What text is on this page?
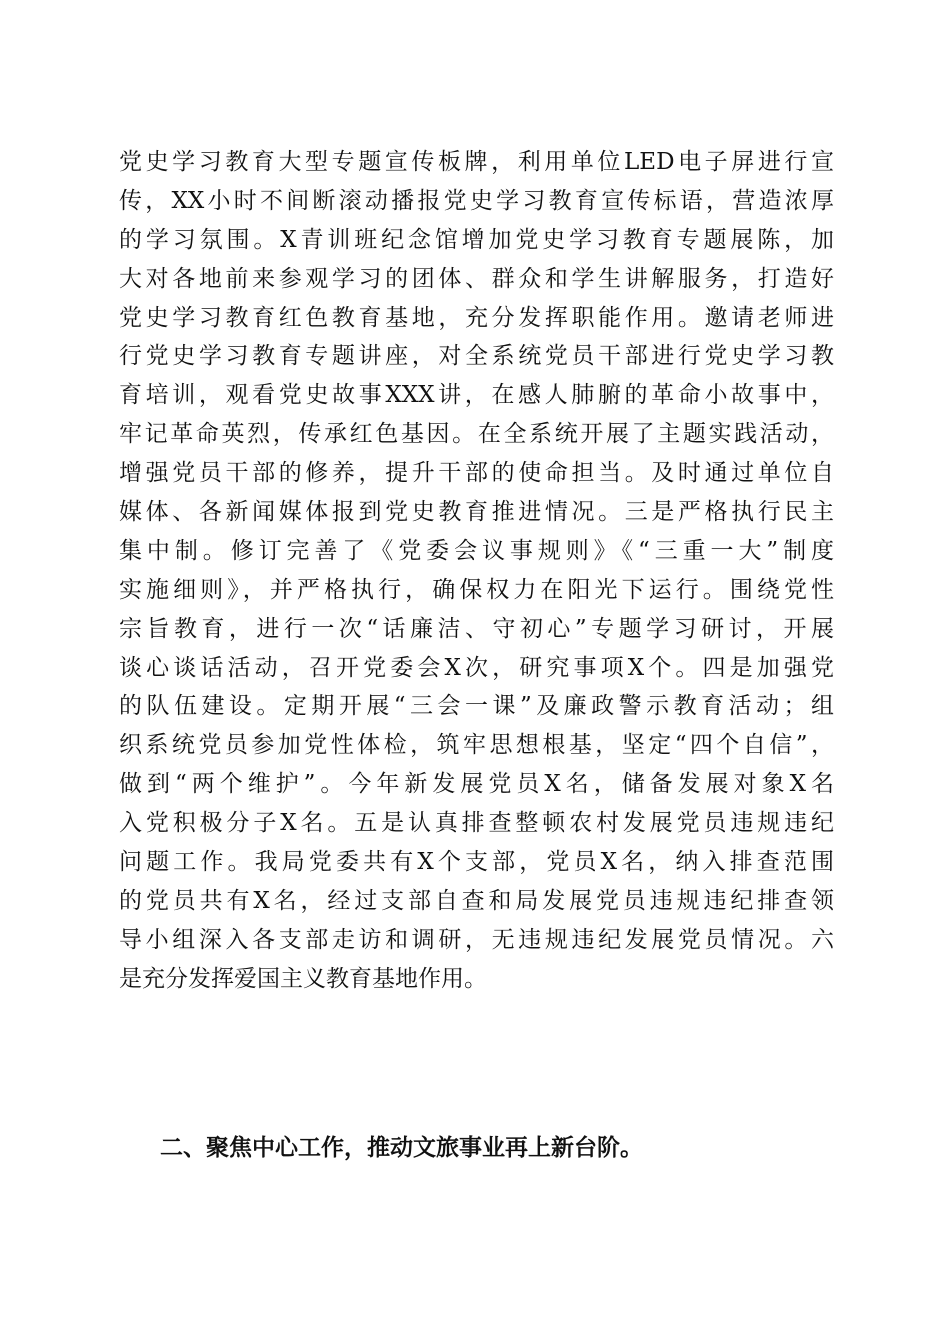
党史学习教育大型专题宣传板牌，利用单位LED电子屏进行宣
传，XX小时不间断滚动播报党史学习教育宣传标语，营造浓厚
的学习氛围。X青训班纪念馆增加党史学习教育专题展陈，加
大对各地前来参观学习的团体、群众和学生讲解服务，打造好
党史学习教育红色教育基地，充分发挥职能作用。邀请老师进
行党史学习教育专题讲座，对全系统党员干部进行党史学习教
育培训，观看党史故事XXX讲，在感人肺腑的革命小故事中，
牢记革命英烈，传承红色基因。在全系统开展了主题实践活动，
增强党员干部的修养，提升干部的使命担当。及时通过单位自
媒体、各新闻媒体报到党史教育推进情况。三是严格执行民主
集中制。修订完善了《党委会议事规则》《“三重一大”制度
实施细则》，并严格执行，确保权力在阳光下运行。围绕党性
宗旨教育，进行一次“话廉洁、守初心”专题学习研讨，开展
谈心谈话活动，召开党委会X次，研究事项X个。四是加强党
的队伍建设。定期开展“三会一课”及廉政警示教育活动；组
织系统党员参加党性体检，筑牢思想根基，坚定“四个自信”，
做到“两个维护”。今年新发展党员X名，储备发展对象X名
入党积极分子X名。五是认真排查整顿农村发展党员违规违纪
问题工作。我局党委共有X个支部，党员X名，纳入排查范围
的党员共有X名，经过支部自查和局发展党员违规违纪排查领
导小组深入各支部走访和调研，无违规违纪发展党员情况。六
是充分发挥爱国主义教育基地作用。
二、聚焦中心工作，推动文旅事业再上新台阶。
